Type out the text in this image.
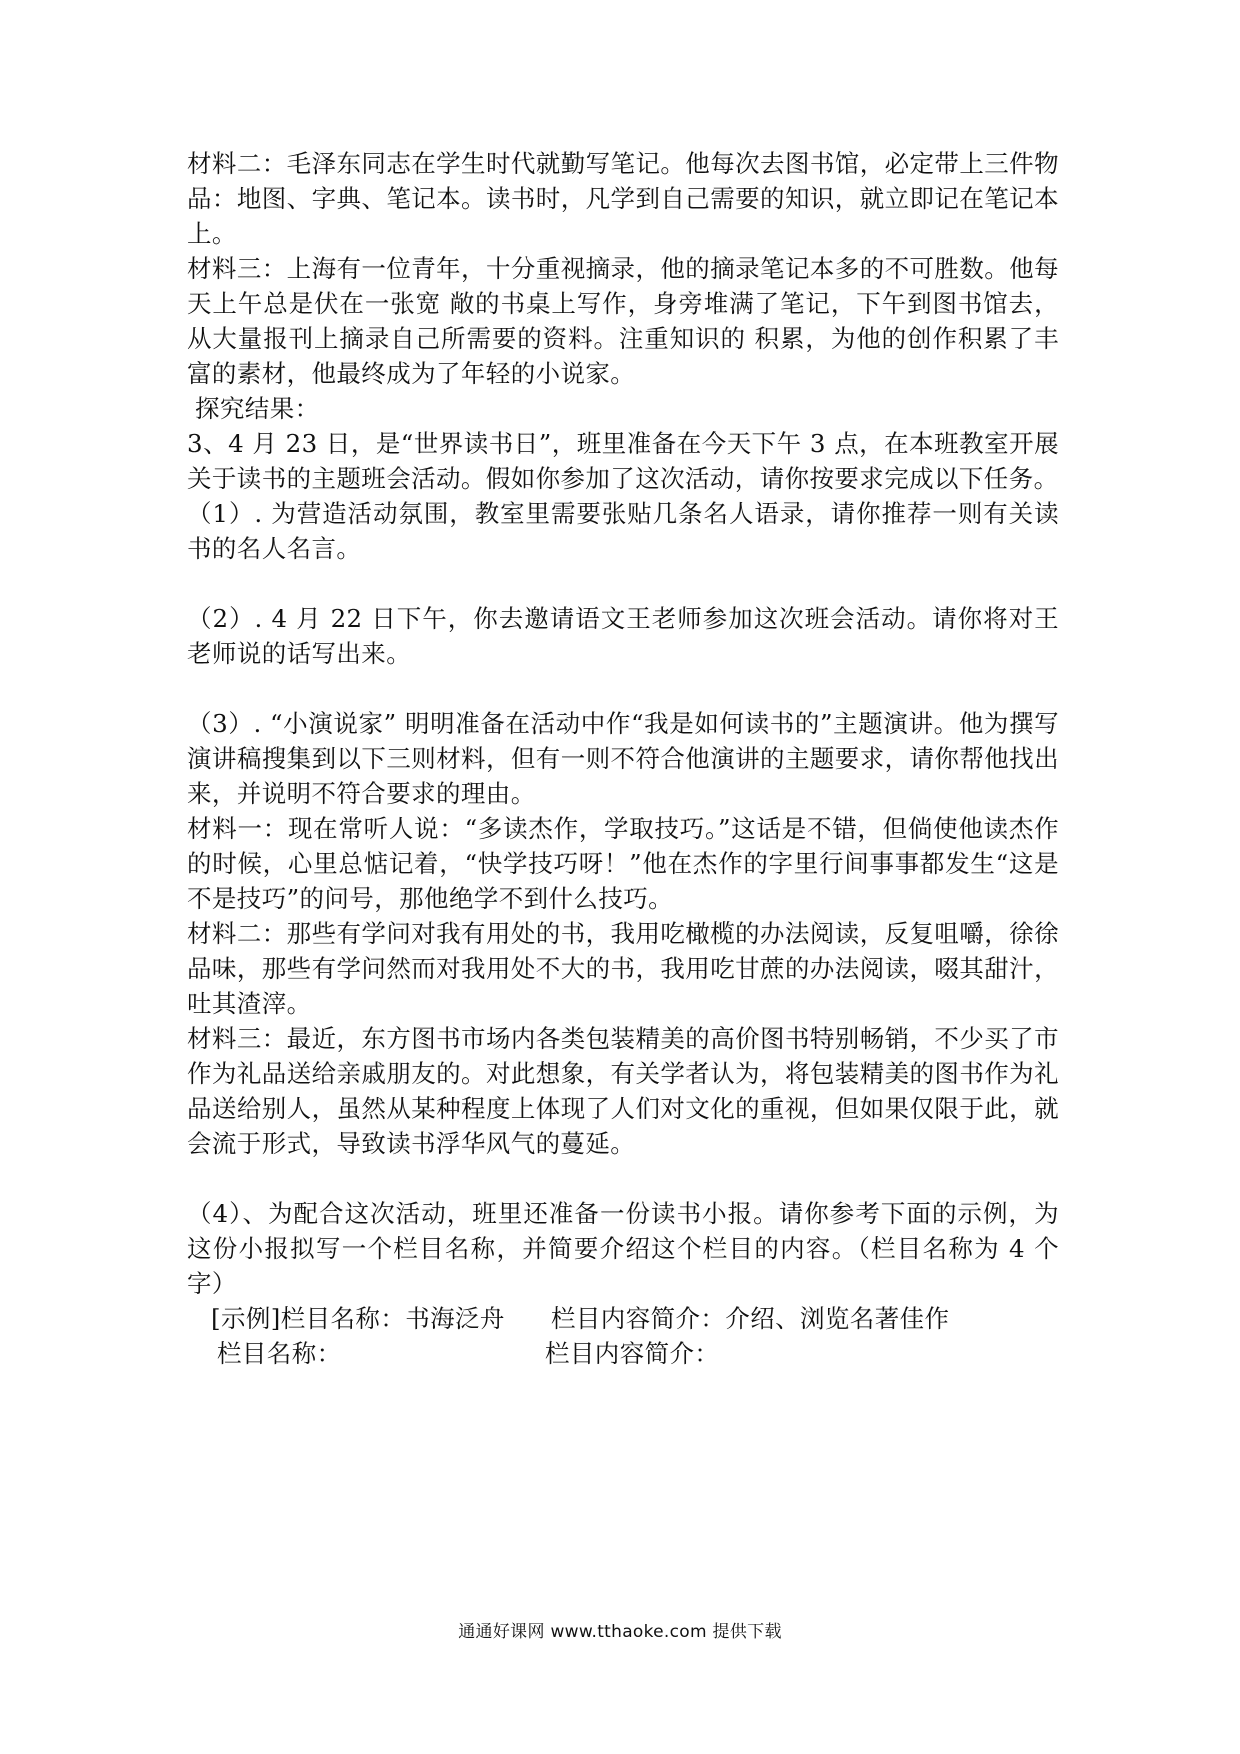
材料二：毛泽东同志在学生时代就勤写笔记。他每次去图书馆，必定带上三件物品：地图、字典、笔记本。读书时，凡学到自己需要的知识，就立即记在笔记本上。

材料三：上海有一位青年，十分重视摘录，他的摘录笔记本多的不可胜数。他每天上午总是伏在一张宽 敞的书桌上写作，身旁堆满了笔记，下午到图书馆去，从大量报刊上摘录自己所需要的资料。注重知识的 积累，为他的创作积累了丰富的素材，他最终成为了年轻的小说家。

探究结果：

3、4 月 23 日，是“世界读书日”，班里准备在今天下午 3 点，在本班教室开展关于读书的主题班会活动。假如你参加了这次活动，请你按要求完成以下任务。

（1）. 为营造活动氛围，教室里需要张贴几条名人语录，请你推荐一则有关读书的名人名言。

（2）. 4 月 22 日下午，你去邀请语文王老师参加这次班会活动。请你将对王老师说的话写出来。

（3）. “小演说家” 明明准备在活动中作“我是如何读书的”主题演讲。他为撰写演讲稿搜集到以下三则材料，但有一则不符合他演讲的主题要求，请你帮他找出来，并说明不符合要求的理由。

材料一：现在常听人说：“多读杰作，学取技巧。”这话是不错，但倘使他读杰作的时候，心里总惦记着，“快学技巧呀！”他在杰作的字里行间事事都发生“这是不是技巧”的问号，那他绝学不到什么技巧。

材料二：那些有学问对我有用处的书，我用吃橄榄的办法阅读，反复咀嚼，徐徐品味，那些有学问然而对我用处不大的书，我用吃甘蔗的办法阅读，啜其甜汁，吐其渣滓。

材料三：最近，东方图书市场内各类包装精美的高价图书特别畅销，不少买了市作为礼品送给亲戚朋友的。对此想象，有关学者认为，将包装精美的图书作为礼品送给别人，虽然从某种程度上体现了人们对文化的重视，但如果仅限于此，就会流于形式，导致读书浮华风气的蔓延。

（4）、为配合这次活动，班里还准备一份读书小报。请你参考下面的示例，为这份小报拟写一个栏目名称，并简要介绍这个栏目的内容。（栏目名称为 4 个字）

[示例]栏目名称：书海泛舟	栏目内容简介：介绍、浏览名著佳作
栏目名称：	栏目内容简介：
通通好课网 www.tthaoke.com 提供下载
